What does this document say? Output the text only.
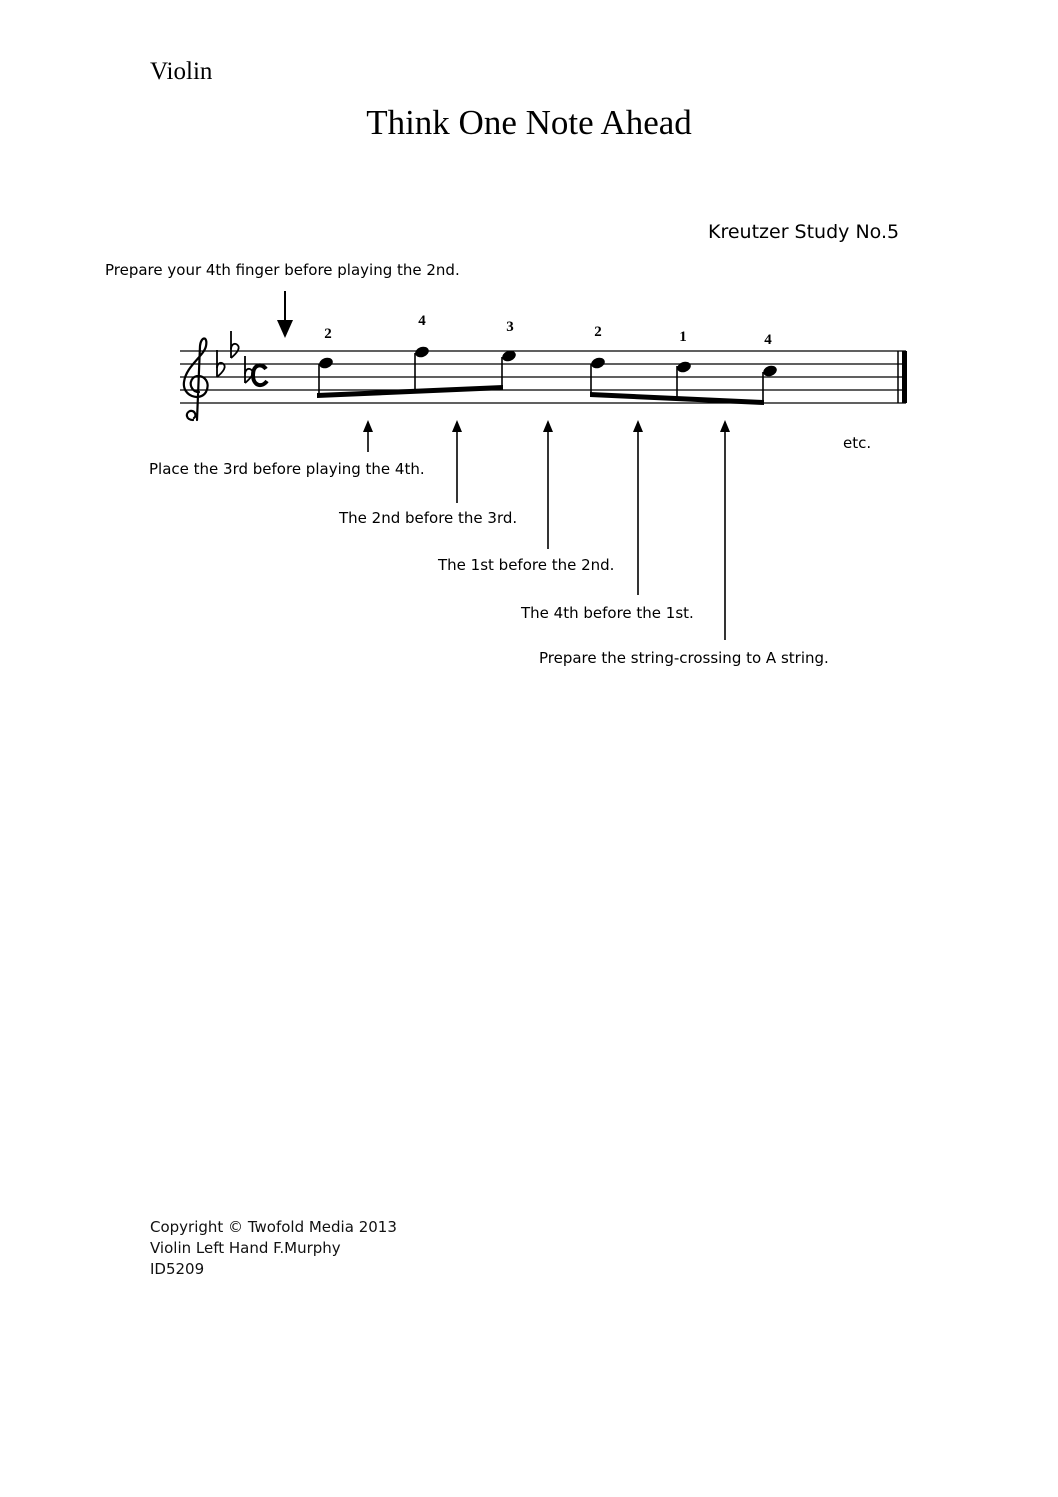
Violin
Think One Note Ahead
Kreutzer Study No.5
Prepare your 4th finger before playing the 2nd.
2
4	3	2	1	4
etc.
Place the 3rd before playing the 4th.
The 2nd before the 3rd.
The 1st before the 2nd.
The 4th before the 1st.
Prepare the string-crossing to A string.
Copyright © Twofold Media 2013
Violin Left Hand F.Murphy
ID5209
